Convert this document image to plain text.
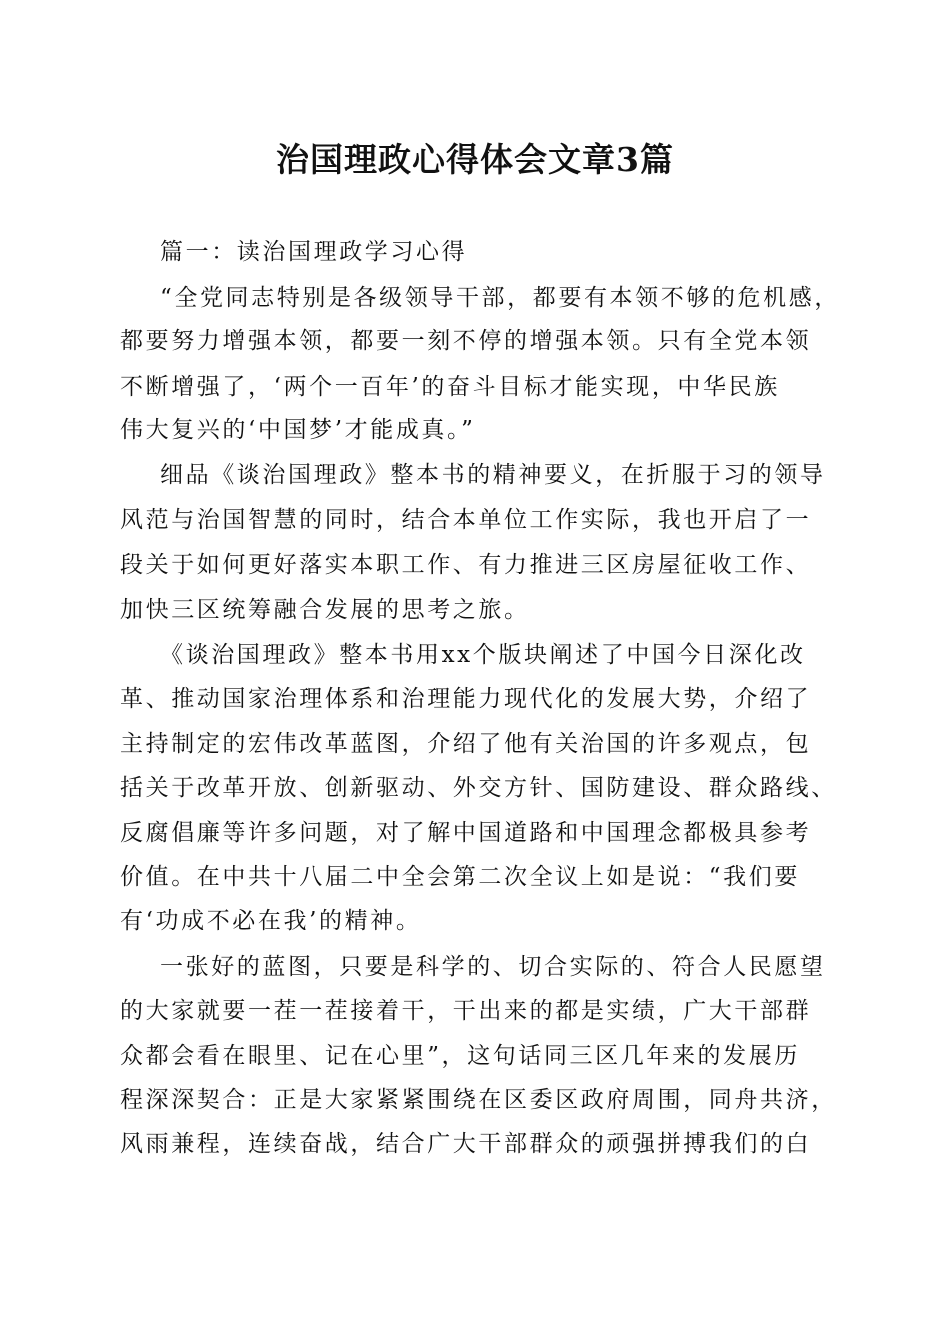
治国理政心得体会文章3篇
篇一：读治国理政学习心得
“全党同志特别是各级领导干部，都要有本领不够的危机感，
都要努力增强本领，都要一刻不停的增强本领。只有全党本领
不断增强了，‘两个一百年’的奋斗目标才能实现，中华民族
伟大复兴的‘中国梦’才能成真。”
细品《谈治国理政》整本书的精神要义，在折服于习的领导
风范与治国智慧的同时，结合本单位工作实际，我也开启了一
段关于如何更好落实本职工作、有力推进三区房屋征收工作、
加快三区统筹融合发展的思考之旅。
《谈治国理政》整本书用xx个版块阐述了中国今日深化改
革、推动国家治理体系和治理能力现代化的发展大势，介绍了
主持制定的宏伟改革蓝图，介绍了他有关治国的许多观点，包
括关于改革开放、创新驱动、外交方针、国防建设、群众路线、
反腐倡廉等许多问题，对了解中国道路和中国理念都极具参考
价值。在中共十八届二中全会第二次全议上如是说：“我们要
有‘功成不必在我’的精神。
一张好的蓝图，只要是科学的、切合实际的、符合人民愿望
的大家就要一茬一茬接着干，干出来的都是实绩，广大干部群
众都会看在眼里、记在心里”，这句话同三区几年来的发展历
程深深契合：正是大家紧紧围绕在区委区政府周围，同舟共济，
风雨兼程，连续奋战，结合广大干部群众的顽强拼搏我们的白
